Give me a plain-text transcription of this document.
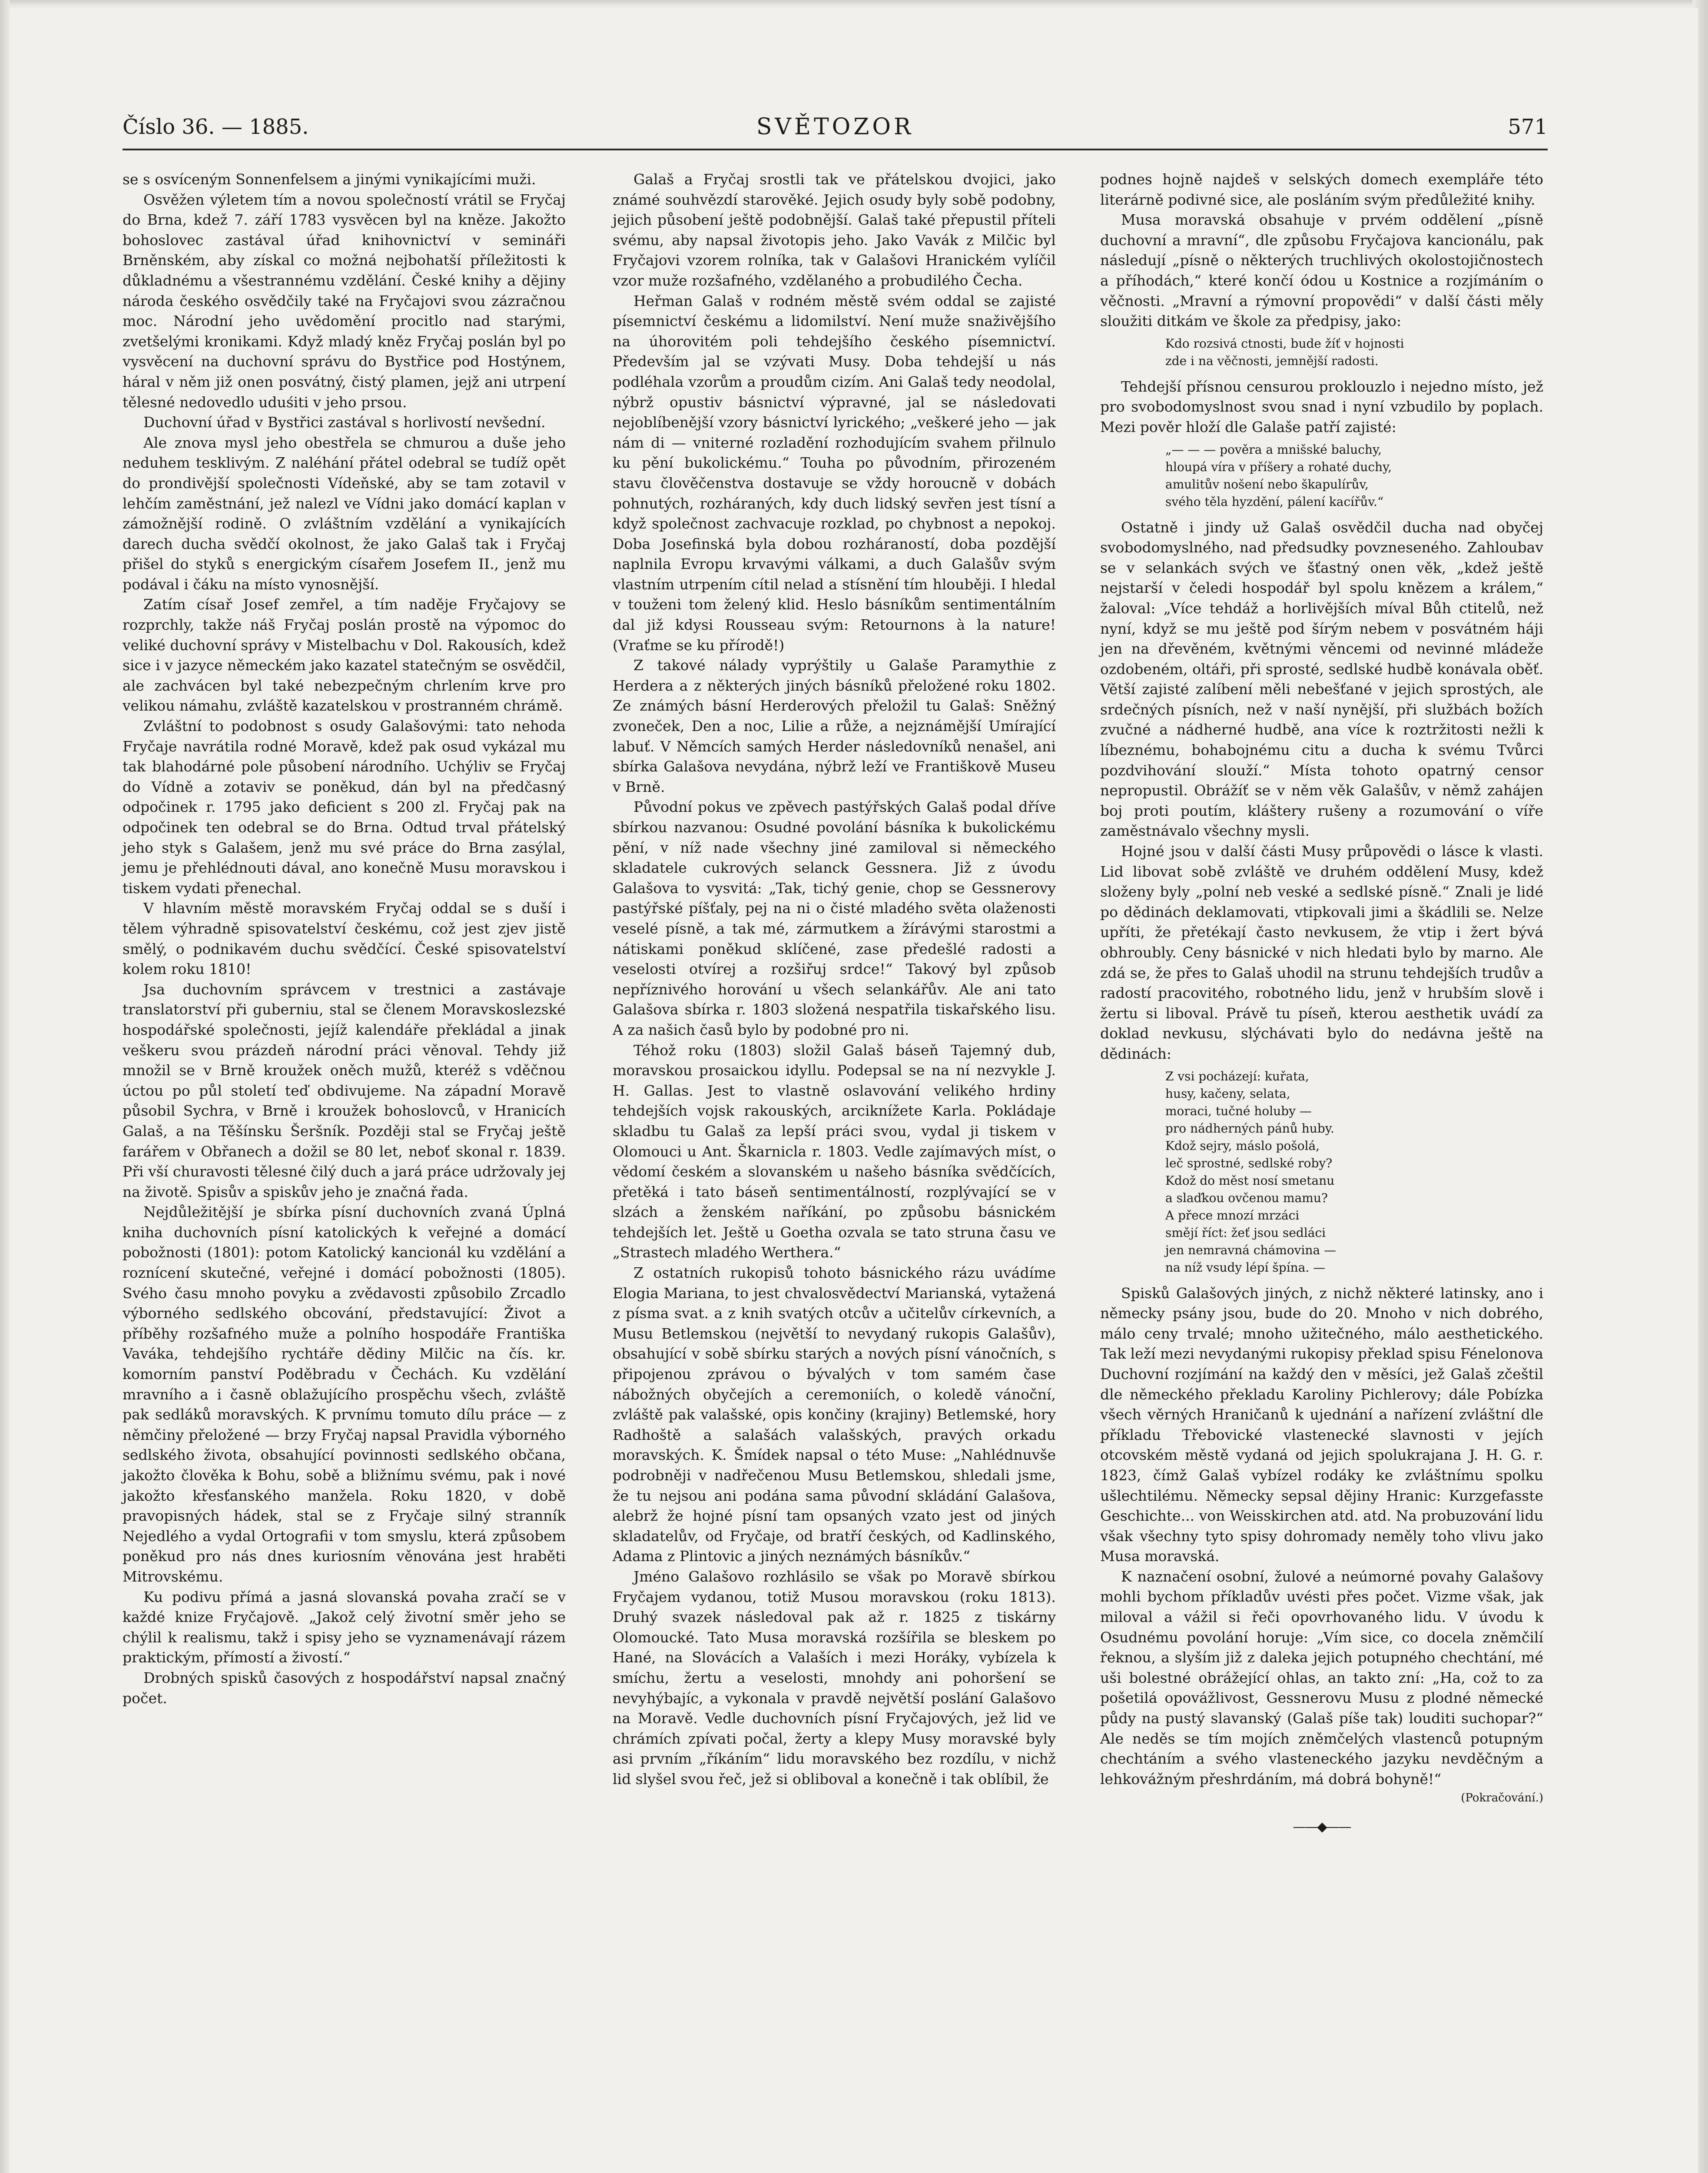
Číslo 36. — 1885.	SVĚTOZOR	571

se s osvíceným Sonnenfelsem a jinými vynikajícími muži.

Osvěžen výletem tím a novou společností vrátil se Fryčaj do Brna, kdež 7. září 1783 vysvěcen byl na kněze. Jakožto bohoslovec zastával úřad knihovnictví v semináři Brněnském, aby získal co možná nejbohatší příležitosti k důkladnému a všestrannému vzdělání. České knihy a dějiny národa českého osvědčily také na Fryčajovi svou zázračnou moc. Národní jeho uvědomění procitlo nad starými, zvetšelými kronikami. Když mladý kněz Fryčaj poslán byl po vysvěcení na duchovní správu do Bystřice pod Hostýnem, háral v něm již onen posvátný, čistý plamen, jejž ani utrpení tělesné nedovedlo uduśiti v jeho prsou.

Duchovní úřad v Bystřici zastával s horlivostí nevšední.

Ale znova mysl jeho obestřela se chmurou a duše jeho neduhem tesklivým. Z naléhání přátel odebral se tudíž opět do prondivější společnosti Vídeňské, aby se tam zotavil v lehčím zaměstnání, jež nalezl ve Vídni jako domácí kaplan v zámožnější rodině. O zvláštním vzdělání a vynikajících darech ducha svědčí okolnost, že jako Galaš tak i Fryčaj přišel do styků s energickým císařem Josefem II., jenž mu podával i čáku na místo vynosnější.

Zatím císař Josef zemřel, a tím naděje Fryčajovy se rozprchly, takže náš Fryčaj poslán prostě na výpomoc do veliké duchovní správy v Mistelbachu v Dol. Rakousích, kdež sice i v jazyce německém jako kazatel statečným se osvědčil, ale zachvácen byl také nebezpečným chrlením krve pro velikou námahu, zvláště kazatelskou v prostranném chrámě.

Zvláštní to podobnost s osudy Galašovými: tato nehoda Fryčaje navrátila rodné Moravě, kdež pak osud vykázal mu tak blahodárné pole působení národního. Uchýliv se Fryčaj do Vídně a zotaviv se poněkud, dán byl na předčasný odpočinek r. 1795 jako deficient s 200 zl. Fryčaj pak na odpočinek ten odebral se do Brna. Odtud trval přátelský jeho styk s Galašem, jenž mu své práce do Brna zasýlal, jemu je přehlédnouti dával, ano konečně Musu moravskou i tiskem vydati přenechal.

V hlavním městě moravském Fryčaj oddal se s duší i tělem výhradně spisovatelství českému, což jest zjev jistě smělý, o podnikavém duchu svědčící. České spisovatelství kolem roku 1810!

Jsa duchovním správcem v trestnici a zastávaje translatorství při guberniu, stal se členem Moravskoslezské hospodářské společnosti, jejíž kalendáře překládal a jinak veškeru svou prázdeň národní práci věnoval. Tehdy již množil se v Brně kroužek oněch mužů, kteréž s vděčnou úctou po půl století teď obdivujeme. Na západní Moravě působil Sychra, v Brně i kroužek bohoslovců, v Hranicích Galaš, a na Těšínsku Šeršník. Později stal se Fryčaj ještě farářem v Obřanech a dožil se 80 let, neboť skonal r. 1839. Při vší churavosti tělesné čilý duch a jará práce udržovaly jej na životě. Spisův a spiskův jeho je značná řada.

Nejdůležitější je sbírka písní duchovních zvaná Úplná kniha duchovních písní katolických k veřejné a domácí pobožnosti (1801): potom Katolický kancionál ku vzdělání a roznícení skutečné, veřejné i domácí pobožnosti (1805). Svého času mnoho povyku a zvědavosti způsobilo Zrcadlo výborného sedlského obcování, představující: Život a příběhy rozšafného muže a polního hospodáře Františka Vaváka, tehdejšího rychtáře dědiny Milčic na čís. kr. komorním panství Poděbradu v Čechách. Ku vzdělání mravního a i časně oblažujícího prospěchu všech, zvláště pak sedláků moravských. K prvnímu tomuto dílu práce — z němčiny přeložené — brzy Fryčaj napsal Pravidla výborného sedlského života, obsahující povinnosti sedlského občana, jakožto člověka k Bohu, sobě a bližnímu svému, pak i nové jakožto křesťanského manžela. Roku 1820, v době pravopisných hádek, stal se z Fryčaje silný stranník Nejedlého a vydal Ortografii v tom smyslu, která způsobem poněkud pro nás dnes kuriosním věnována jest hraběti Mitrovskému.

Ku podivu přímá a jasná slovanská povaha zračí se v každé knize Fryčajově. „Jakož celý životní směr jeho se chýlil k realismu, takž i spisy jeho se vyznamenávají rázem praktickým, přímostí a živostí.“

Drobných spisků časových z hospodářství napsal značný počet.

Galaš a Fryčaj srostli tak ve přátelskou dvojici, jako známé souhvězdí starověké. Jejich osudy byly sobě podobny, jejich působení ještě podobnější. Galaš také přepustil příteli svému, aby napsal životopis jeho. Jako Vavák z Milčic byl Fryčajovi vzorem rolníka, tak v Galašovi Hranickém vylíčil vzor muže rozšafného, vzdělaného a probudilého Čecha.

Heřman Galaš v rodném městě svém oddal se zajisté písemnictví českému a lidomilství. Není muže snaživějšího na úhorovitém poli tehdejšího českého písemnictví. Především jal se vzývati Musy. Doba tehdejší u nás podléhala vzorům a proudům cizím. Ani Galaš tedy neodolal, nýbrž opustiv básnictví výpravné, jal se následovati nejoblíbenější vzory básnictví lyrického; „veškeré jeho — jak nám di — vniterné rozladění rozhodujícím svahem přilnulo ku pění bukolickému.“ Touha po původním, přirozeném stavu člověčenstva dostavuje se vždy horoucně v dobách pohnutých, rozháraných, kdy duch lidský sevřen jest tísní a když společnost zachvacuje rozklad, po chybnost a nepokoj. Doba Josefinská byla dobou rozháraností, doba pozdější naplnila Evropu krvavými válkami, a duch Galašův svým vlastním utrpením cítil nelad a stísnění tím hlouběji. I hledal v touženi tom želený klid. Heslo básníkům sentimentálním dal již kdysi Rousseau svým: Retournons à la nature! (Vraťme se ku přírodě!)

Z takové nálady vyprýštily u Galaše Paramythie z Herdera a z některých jiných básníků přeložené roku 1802. Ze známých básní Herderových přeložil tu Galaš: Sněžný zvoneček, Den a noc, Lilie a růže, a nejznámější Umírající labuť. V Němcích samých Herder následovníků nenašel, ani sbírka Galašova nevydána, nýbrž leží ve Františkově Museu v Brně.

Původní pokus ve zpěvech pastýřských Galaš podal dříve sbírkou nazvanou: Osudné povolání básníka k bukolickému pění, v níž nade všechny jiné zamiloval si německého skladatele cukrových selanck Gessnera. Již z úvodu Galašova to vysvitá: „Tak, tichý genie, chop se Gessnerovy pastýřské píšťaly, pej na ni o čisté mladého světa olaženosti veselé písně, a tak mé, zármutkem a žírávými starostmi a nátiskami poněkud sklíčené, zase předešlé radosti a veselosti otvírej a rozšiřuj srdce!“ Takový byl způsob nepříznivého horování u všech selankářův. Ale ani tato Galašova sbírka r. 1803 složená nespatřila tiskařského lisu. A za našich časů bylo by podobné pro ni.

Téhož roku (1803) složil Galaš báseň Tajemný dub, moravskou prosaickou idyllu. Podepsal se na ní nezvykle J. H. Gallas. Jest to vlastně oslavování velikého hrdiny tehdejších vojsk rakouských, arciknížete Karla. Pokládaje skladbu tu Galaš za lepší práci svou, vydal ji tiskem v Olomouci u Ant. Škarnicla r. 1803. Vedle zajímavých míst, o vědomí českém a slovanském u našeho básníka svědčících, přetěká i tato báseň sentimentálností, rozplývající se v slzách a ženském naříkání, po způsobu básnickém tehdejších let. Ještě u Goetha ozvala se tato struna času ve „Strastech mladého Werthera.“

Z ostatních rukopisů tohoto básnického rázu uvádíme Elogia Mariana, to jest chvalosvědectví Marianská, vytažená z písma svat. a z knih svatých otcův a učitelův církevních, a Musu Betlemskou (největší to nevydaný rukopis Galašův), obsahující v sobě sbírku starých a nových písní vánočních, s připojenou zprávou o bývalých v tom samém čase nábožných obyčejích a ceremoniích, o koledě vánoční, zvláště pak valašské, opis končiny (krajiny) Betlemské, hory Radhoště a salašách valašských, pravých orkadu moravských. K. Šmídek napsal o této Muse: „Nahlédnuvše podrobněji v nadřečenou Musu Betlemskou, shledali jsme, že tu nejsou ani podána sama původní skládání Galašova, alebrž že hojné písní tam opsaných vzato jest od jiných skladatelův, od Fryčaje, od bratří českých, od Kadlinského, Adama z Plintovic a jiných neznámých básníkův.“

Jméno Galašovo rozhlásilo se však po Moravě sbírkou Fryčajem vydanou, totiž Musou moravskou (roku 1813). Druhý svazek následoval pak až r. 1825 z tiskárny Olomoucké. Tato Musa moravská rozšířila se bleskem po Hané, na Slovácích a Valaších i mezi Horáky, vybízela k smíchu, žertu a veselosti, mnohdy ani pohoršení se nevyhýbajíc, a vykonala v pravdě největší poslání Galašovo na Moravě. Vedle duchovních písní Fryčajových, jež lid ve chrámích zpívati počal, žerty a klepy Musy moravské byly asi prvním „říkáním“ lidu moravského bez rozdílu, v nichž lid slyšel svou řeč, jež si obliboval a konečně i tak oblíbil, že

podnes hojně najdeš v selských domech exempláře této literárně podivné sice, ale posláním svým předůležité knihy.

Musa moravská obsahuje v prvém oddělení „písně duchovní a mravní“, dle způsobu Fryčajova kancionálu, pak následují „písně o některých truchlivých okolostojičnostech a příhodách,“ které končí ódou u Kostnice a rozjímáním o věčnosti. „Mravní a rýmovní propovědi“ v další části měly sloužiti ditkám ve škole za předpisy, jako:

Kdo rozsivá ctnosti, bude žíť v hojnosti
zde i na věčnosti, jemnější radosti.

Tehdejší přísnou censurou proklouzlo i nejedno místo, jež pro svobodomyslnost svou snad i nyní vzbudilo by poplach. Mezi pověr hloží dle Galaše patří zajisté:

„— — — pověra a mnišské baluchy,
hloupá víra v příšery a rohaté duchy,
amulitův nošení nebo škapulírův,
svého těla hyzdění, pálení kacířův.“

Ostatně i jindy už Galaš osvědčil ducha nad obyčej svobodomyslného, nad předsudky povzneseného. Zahloubav se v selankách svých ve šťastný onen věk, „kdež ještě nejstarší v čeledi hospodář byl spolu knězem a králem,“ žaloval: „Více tehdáž a horlivějších míval Bůh ctitelů, než nyní, když se mu ještě pod šírým nebem v posvátném háji jen na dřevěném, květnými věncemi od nevinné mládeže ozdobeném, oltáři, při sprosté, sedlské hudbě konávala oběť. Větší zajisté zalíbení měli nebešťané v jejich sprostých, ale srdečných písních, než v naší nynější, při službách božích zvučné a nádherné hudbě, ana více k roztržitosti nežli k líbeznému, bohabojnému citu a ducha k svému Tvůrci pozdvihování slouží.“ Místa tohoto opatrný censor nepropustil. Obrážíť se v něm věk Galašův, v němž zahájen boj proti poutím, kláštery rušeny a rozumování o víře zaměstnávalo všechny mysli.

Hojné jsou v další části Musy průpovědi o lásce k vlasti. Lid libovat sobě zvláště ve druhém oddělení Musy, kdež složeny byly „polní neb veské a sedlské písně.“ Znali je lidé po dědinách deklamovati, vtipkovali jimi a škádlili se. Nelze upříti, že přetékají často nevkusem, že vtip i žert bývá obhroubly. Ceny básnické v nich hledati bylo by marno. Ale zdá se, že přes to Galaš uhodil na strunu tehdejších trudův a radostí pracovitého, robotného lidu, jenž v hrubším slově i žertu si liboval. Právě tu píseň, kterou aesthetik uvádí za doklad nevkusu, slýchávati bylo do nedávna ještě na dědinách:

Z vsi pocházejí: kuřata,
husy, kačeny, selata,
moraci, tučné holuby —
pro nádherných pánů huby.
Kdož sejry, máslo pošolá,
leč sprostné, sedlské roby?
Kdož do měst nosí smetanu
a slaďkou ovčenou mamu?
A přece mnozí mrzáci
smějí říct: žeť jsou sedláci
jen nemravná chámovina —
na níž vsudy lépí špína. —

Spisků Galašových jiných, z nichž některé latinsky, ano i německy psány jsou, bude do 20. Mnoho v nich dobrého, málo ceny trvalé; mnoho užitečného, málo aesthetického. Tak leží mezi nevydanými rukopisy překlad spisu Fénelonova Duchovní rozjímání na každý den v měsíci, jež Galaš zčeštil dle německého překladu Karoliny Pichlerovy; dále Pobízka všech věrných Hraničanů k ujednání a nařízení zvláštní dle příkladu Třebovické vlastenecké slavnosti v jejích otcovském městě vydaná od jejich spolukrajana J. H. G. r. 1823, čímž Galaš vybízel rodáky ke zvláštnímu spolku ušlechtilému. Německy sepsal dějiny Hranic: Kurzgefasste Geschichte... von Weisskirchen atd. atd. Na probuzování lidu však všechny tyto spisy dohromady neměly toho vlivu jako Musa moravská.

K naznačení osobní, žulové a neúmorné povahy Galašovy mohli bychom příkladův uvésti přes počet. Vizme však, jak miloval a vážil si řeči opovrhovaného lidu. V úvodu k Osudnému povolání horuje: „Vím sice, co docela zněmčilí řeknou, a slyším již z daleka jejich potupného chechtání, mé uši bolestné obrážející ohlas, an takto zní: „Ha, což to za pošetilá opovážlivost, Gessnerovu Musu z plodné německé půdy na pustý slavanský (Galaš píše tak) louditi suchopar?“ Ale neděs se tím mojích zněmčelých vlastenců potupným chechtáním a svého vlasteneckého jazyku nevděčným a lehkovážným přeshrdáním, má dobrá bohyně!“

(Pokračování.)
——◆——
